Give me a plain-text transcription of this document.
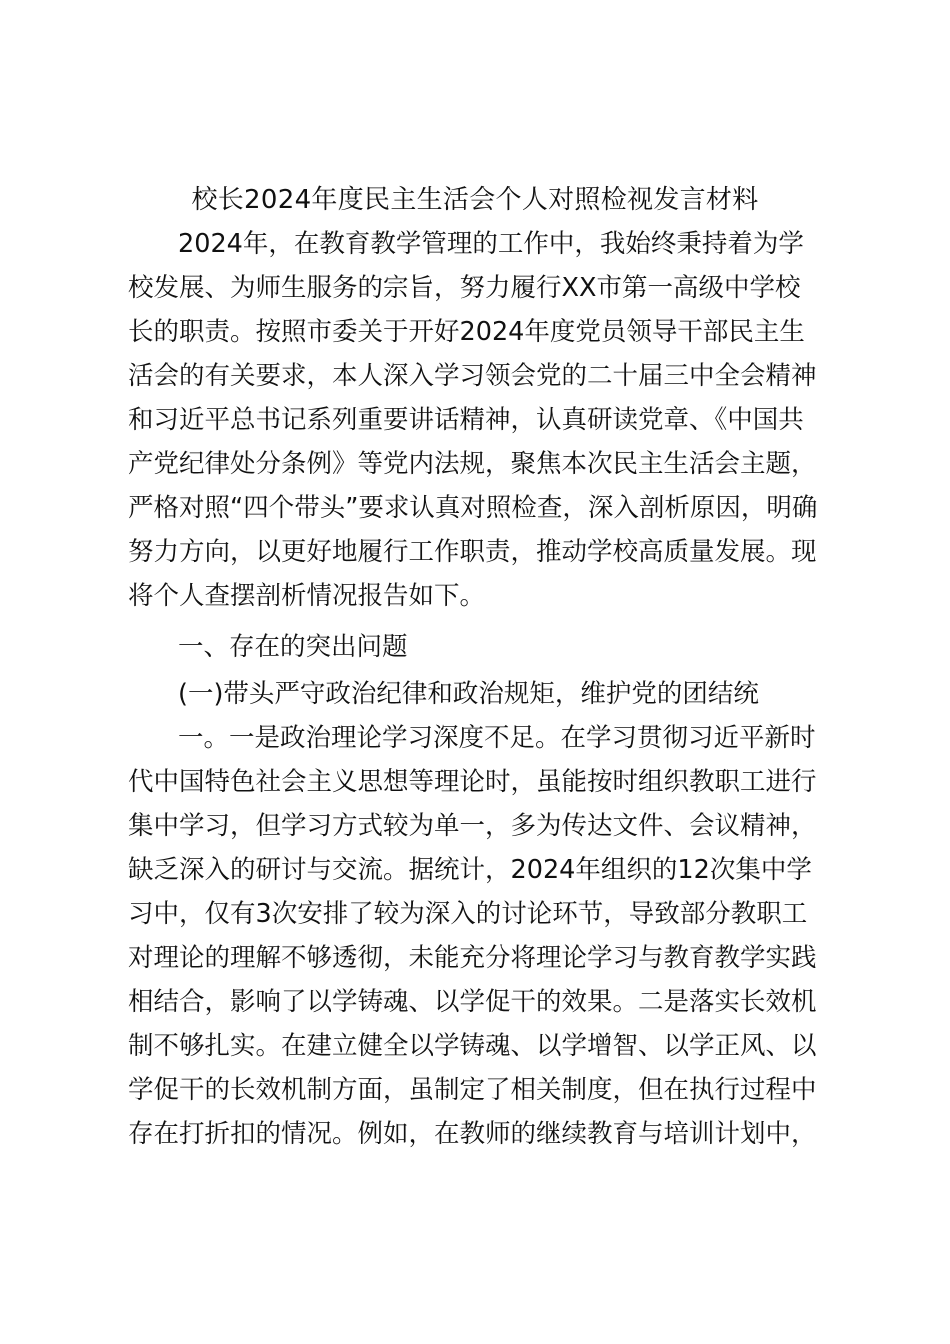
校长2024年度民主生活会个人对照检视发言材料
2024年，在教育教学管理的工作中，我始终秉持着为学
校发展、为师生服务的宗旨，努力履行XX市第一高级中学校
长的职责。按照市委关于开好2024年度党员领导干部民主生
活会的有关要求，本人深入学习领会党的二十届三中全会精神
和习近平总书记系列重要讲话精神，认真研读党章、《中国共
产党纪律处分条例》等党内法规，聚焦本次民主生活会主题，
严格对照“四个带头”要求认真对照检查，深入剖析原因，明确
努力方向，以更好地履行工作职责，推动学校高质量发展。现
将个人查摆剖析情况报告如下。
一、存在的突出问题
(一)带头严守政治纪律和政治规矩，维护党的团结统
一。一是政治理论学习深度不足。在学习贯彻习近平新时
代中国特色社会主义思想等理论时，虽能按时组织教职工进行
集中学习，但学习方式较为单一，多为传达文件、会议精神，
缺乏深入的研讨与交流。据统计，2024年组织的12次集中学
习中，仅有3次安排了较为深入的讨论环节，导致部分教职工
对理论的理解不够透彻，未能充分将理论学习与教育教学实践
相结合，影响了以学铸魂、以学促干的效果。二是落实长效机
制不够扎实。在建立健全以学铸魂、以学增智、以学正风、以
学促干的长效机制方面，虽制定了相关制度，但在执行过程中
存在打折扣的情况。例如，在教师的继续教育与培训计划中，
